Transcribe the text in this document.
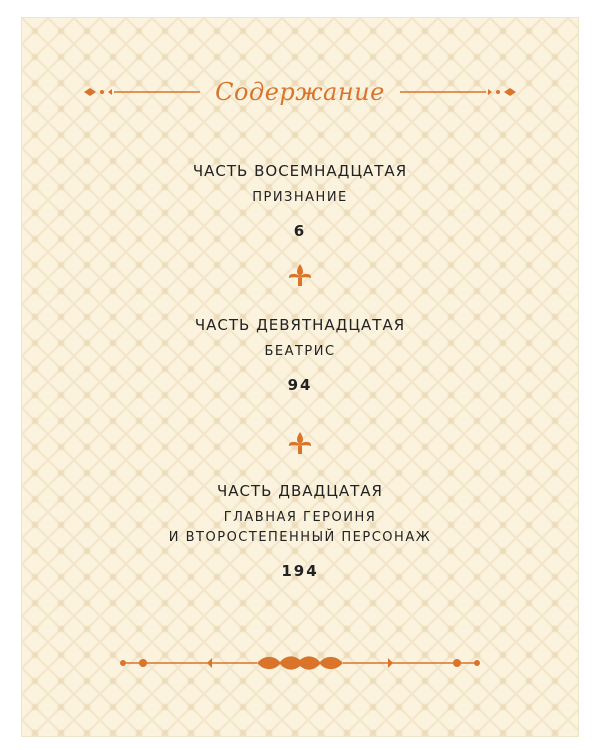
Содержание
ЧАСТЬ ВОСЕМНАДЦАТАЯ
ПРИЗНАНИЕ
6
ЧАСТЬ ДЕВЯТНАДЦАТАЯ
БЕАТРИС
94
ЧАСТЬ ДВАДЦАТАЯ
ГЛАВНАЯ ГЕРОИНЯ
И ВТОРОСТЕПЕННЫЙ ПЕРСОНАЖ
194
